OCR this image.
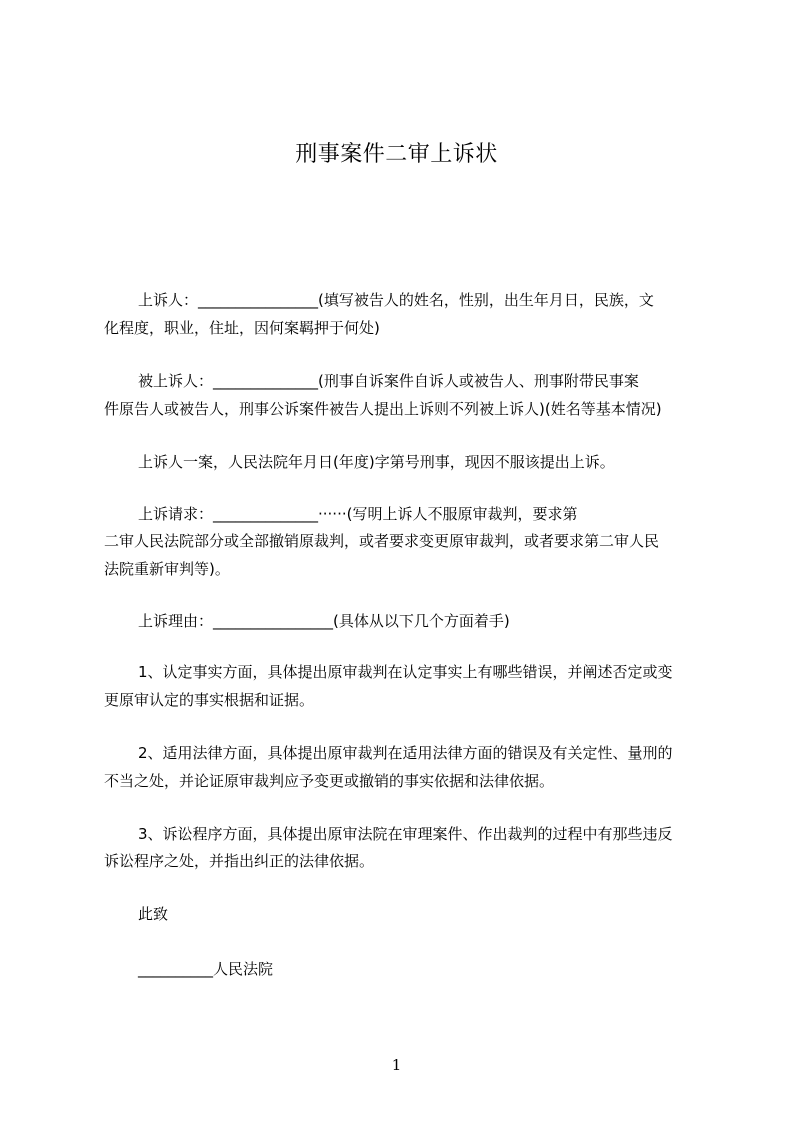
刑事案件二审上诉状
上诉人：________________(填写被告人的姓名，性别，出生年月日，民族，文
化程度，职业，住址，因何案羁押于何处)
被上诉人：______________(刑事自诉案件自诉人或被告人、刑事附带民事案
件原告人或被告人，刑事公诉案件被告人提出上诉则不列被上诉人)(姓名等基本情况)
上诉人一案，人民法院年月日(年度)字第号刑事，现因不服该提出上诉。
上诉请求：______________······(写明上诉人不服原审裁判，要求第
二审人民法院部分或全部撤销原裁判，或者要求变更原审裁判，或者要求第二审人民
法院重新审判等)。
上诉理由：________________(具体从以下几个方面着手)
1、认定事实方面，具体提出原审裁判在认定事实上有哪些错误，并阐述否定或变
更原审认定的事实根据和证据。
2、适用法律方面，具体提出原审裁判在适用法律方面的错误及有关定性、量刑的
不当之处，并论证原审裁判应予变更或撤销的事实依据和法律依据。
3、诉讼程序方面，具体提出原审法院在审理案件、作出裁判的过程中有那些违反
诉讼程序之处，并指出纠正的法律依据。
此致
__________人民法院
1
